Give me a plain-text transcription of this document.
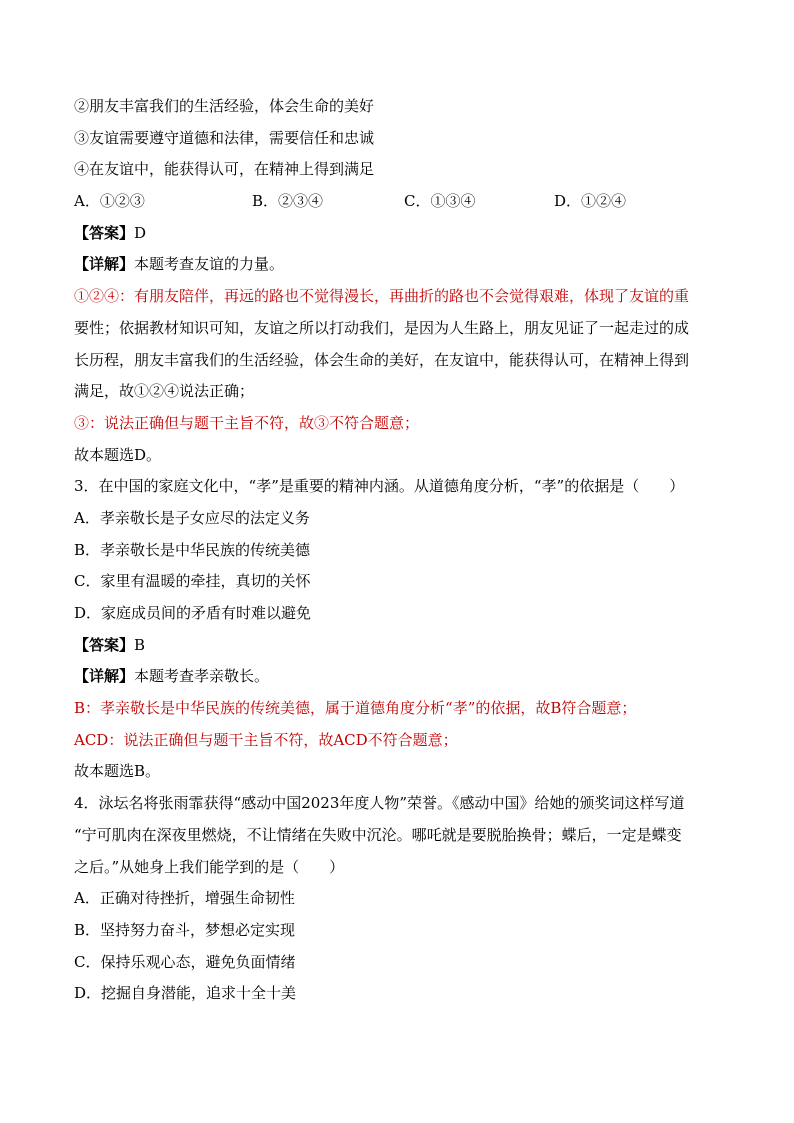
②朋友丰富我们的生活经验，体会生命的美好
③友谊需要遵守道德和法律，需要信任和忠诚
④在友谊中，能获得认可，在精神上得到满足
A．①②③	B．②③④	C．①③④	D．①②④
【答案】D
【详解】本题考查友谊的力量。
①②④：有朋友陪伴，再远的路也不觉得漫长，再曲折的路也不会觉得艰难，体现了友谊的重
要性；依据教材知识可知，友谊之所以打动我们，是因为人生路上，朋友见证了一起走过的成
长历程，朋友丰富我们的生活经验，体会生命的美好，在友谊中，能获得认可，在精神上得到
满足，故①②④说法正确；
③：说法正确但与题干主旨不符，故③不符合题意；
故本题选D。
3．在中国的家庭文化中，“孝”是重要的精神内涵。从道德角度分析，“孝”的依据是（　　）
A．孝亲敬长是子女应尽的法定义务
B．孝亲敬长是中华民族的传统美德
C．家里有温暖的牵挂，真切的关怀
D．家庭成员间的矛盾有时难以避免
【答案】B
【详解】本题考查孝亲敬长。
B：孝亲敬长是中华民族的传统美德，属于道德角度分析“孝”的依据，故B符合题意；
ACD：说法正确但与题干主旨不符，故ACD不符合题意；
故本题选B。
4．泳坛名将张雨霏获得“感动中国2023年度人物”荣誉。《感动中国》给她的颁奖词这样写道
“宁可肌肉在深夜里燃烧，不让情绪在失败中沉沦。哪吒就是要脱胎换骨；蝶后，一定是蝶变
之后。”从她身上我们能学到的是（　　）
A．正确对待挫折，增强生命韧性
B．坚持努力奋斗，梦想必定实现
C．保持乐观心态，避免负面情绪
D．挖掘自身潜能，追求十全十美
